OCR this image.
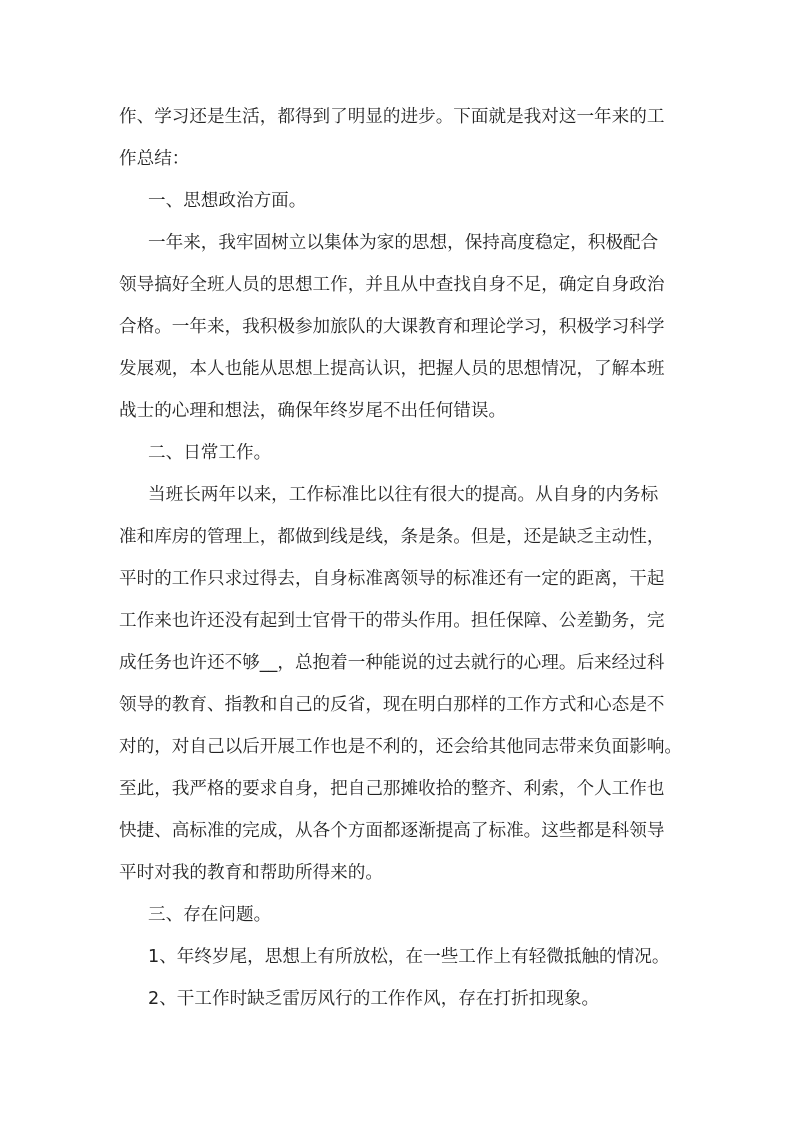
作、学习还是生活，都得到了明显的进步。下面就是我对这一年来的工
作总结：
一、思想政治方面。
一年来，我牢固树立以集体为家的思想，保持高度稳定，积极配合
领导搞好全班人员的思想工作，并且从中查找自身不足，确定自身政治
合格。一年来，我积极参加旅队的大课教育和理论学习，积极学习科学
发展观，本人也能从思想上提高认识，把握人员的思想情况，了解本班
战士的心理和想法，确保年终岁尾不出任何错误。
二、日常工作。
当班长两年以来，工作标准比以往有很大的提高。从自身的内务标
准和库房的管理上，都做到线是线，条是条。但是，还是缺乏主动性，
平时的工作只求过得去，自身标准离领导的标准还有一定的距离，干起
工作来也许还没有起到士官骨干的带头作用。担任保障、公差勤务，完
成任务也许还不够__，总抱着一种能说的过去就行的心理。后来经过科
领导的教育、指教和自己的反省，现在明白那样的工作方式和心态是不
对的，对自己以后开展工作也是不利的，还会给其他同志带来负面影响。
至此，我严格的要求自身，把自己那摊收拾的整齐、利索，个人工作也
快捷、高标准的完成，从各个方面都逐渐提高了标准。这些都是科领导
平时对我的教育和帮助所得来的。
三、存在问题。
1、年终岁尾，思想上有所放松，在一些工作上有轻微抵触的情况。
2、干工作时缺乏雷厉风行的工作作风，存在打折扣现象。
